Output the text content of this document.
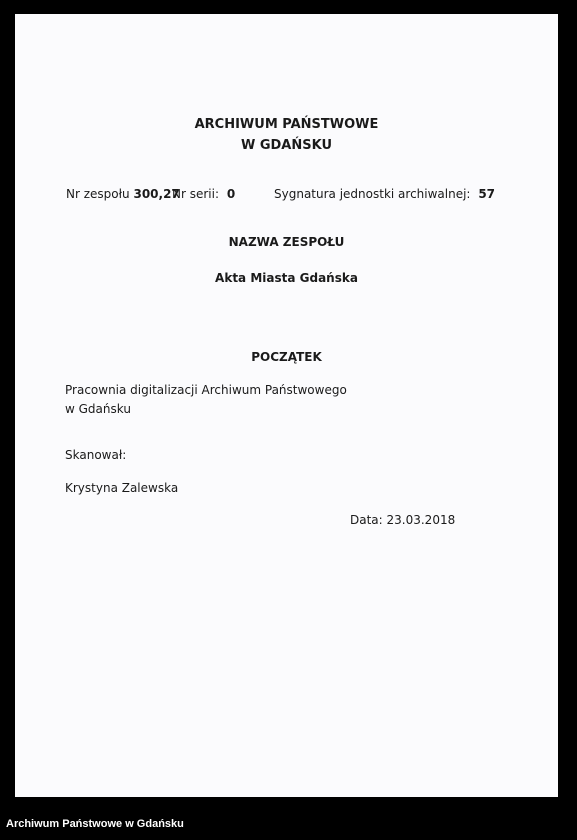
ARCHIWUM PAŃSTWOWE
W GDAŃSKU
Nr zespołu 300,27
Nr serii: 0	Sygnatura jednostki archiwalnej: 57
NAZWA ZESPOŁU
Akta Miasta Gdańska
POCZĄTEK
Pracownia digitalizacji Archiwum Państwowego
w Gdańsku
Skanował:
Krystyna Zalewska
Data: 23.03.2018
Archiwum Państwowe w Gdańsku
